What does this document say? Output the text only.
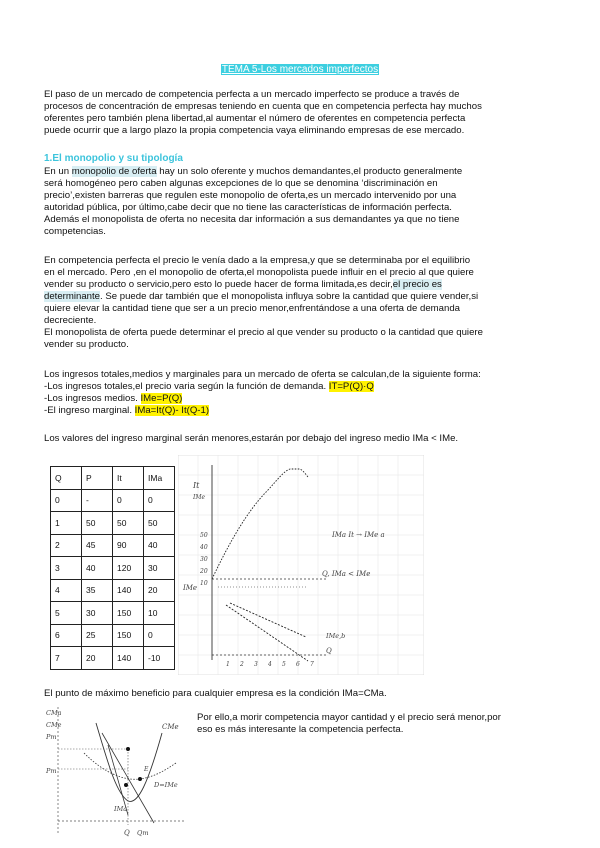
TEMA 5-Los mercados imperfectos
El paso de un mercado de competencia perfecta a un mercado imperfecto se produce a través de
procesos de concentración de empresas teniendo en cuenta que en competencia perfecta hay muchos
oferentes pero también plena libertad,al aumentar el número de oferentes en competencia perfecta
puede ocurrir que a largo plazo la propia competencia vaya eliminando empresas de ese mercado.
1.El monopolio y su tipología
En un monopolio de oferta hay un solo oferente y muchos demandantes,el producto generalmente
será homogéneo pero caben algunas excepciones de lo que se denomina ‘discriminación en
precio’,existen barreras que regulen este monopolio de oferta,es un mercado intervenido por una
autoridad pública, por último,cabe decir que no tiene las características de información perfecta.
Además el monopolista de oferta no necesita dar información a sus demandantes ya que no tiene
competencias.
En competencia perfecta el precio le venía dado a la empresa,y que se determinaba por el equilibrio
en el mercado. Pero ,en el monopolio de oferta,el monopolista puede influir en el precio al que quiere
vender su producto o servicio,pero esto lo puede hacer de forma limitada,es decir,el precio es
determinante. Se puede dar también que el monopolista influya sobre la cantidad que quiere vender,si
quiere elevar la cantidad tiene que ser a un precio menor,enfrentándose a una oferta de demanda
decreciente.
El monopolista de oferta puede determinar el precio al que vender su producto o la cantidad que quiere
vender su producto.
Los ingresos totales,medios y marginales para un mercado de oferta se calculan,de la siguiente forma:
-Los ingresos totales,el precio varia según la función de demanda. IT=P(Q)·Q
-Los ingresos medios. IMe=P(Q)
-El ingreso marginal. IMa=It(Q)- It(Q-1)
Los valores del ingreso marginal serán menores,estarán por debajo del ingreso medio IMa < IMe.
Q	P	It	IMa
0	-	0	0
1	50	50	50
2	45	90	40
3	40	120	30
4	35	140	20
5	30	150	10
6	25	150	0
7	20	140	-10
It
IMe
IMa It → IMe a
Q, IMa < IMe
IMe
IMe,b
Q
50
40
30
20
10
1 2 3 4 5 6 7
El punto de máximo beneficio para cualquier empresa es la condición IMa=CMa.
CMa
CMe
Pm
Pm
CMe
D=IMe
IMa
Q Qm
E
Por ello,a morir competencia mayor cantidad y el precio será menor,por
eso es más interesante la competencia perfecta.
